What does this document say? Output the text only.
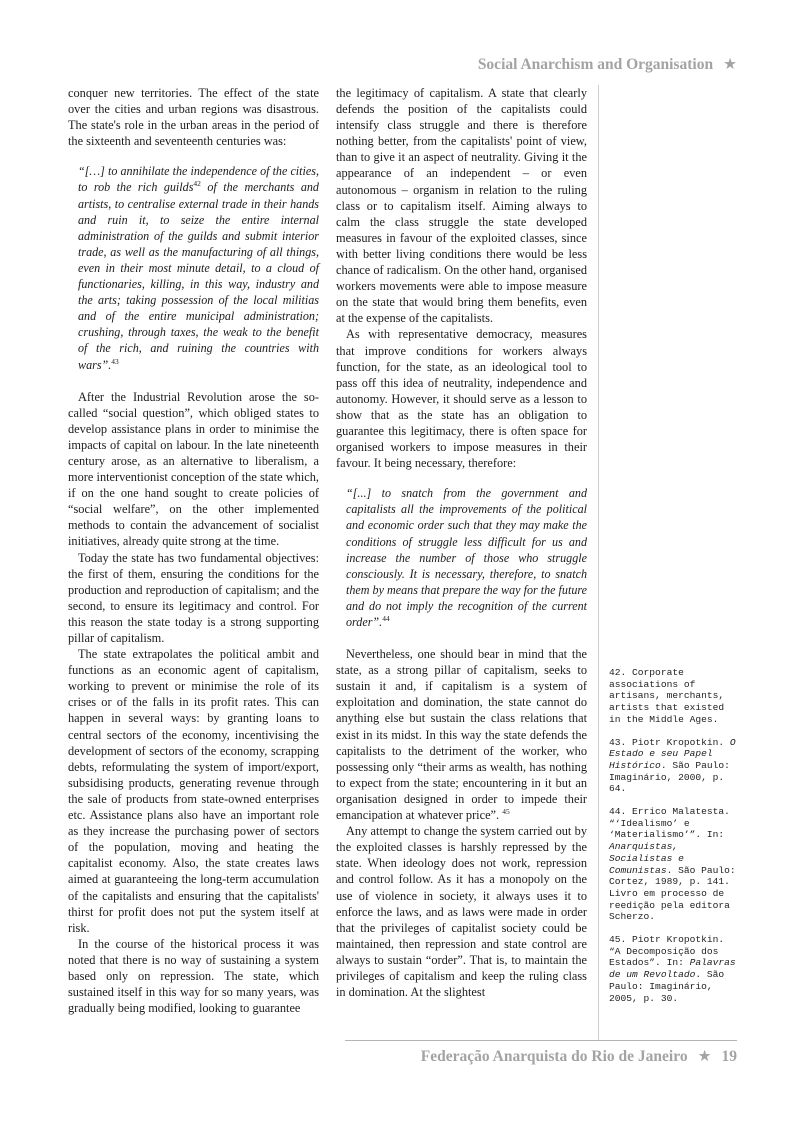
Social Anarchism and Organisation ★

conquer new territories. The effect of the state over the cities and urban regions was disastrous. The state's role in the urban areas in the period of the sixteenth and seventeenth centuries was:

“[…] to annihilate the independence of the cities, to rob the rich guilds$^{42}$ of the merchants and artists, to centralise external trade in their hands and ruin it, to seize the entire internal administration of the guilds and submit interior trade, as well as the manufacturing of all things, even in their most minute detail, to a cloud of functionaries, killing, in this way, industry and the arts; taking possession of the local militias and of the entire municipal administration; crushing, through taxes, the weak to the benefit of the rich, and ruining the countries with wars”.$^{43}$

After the Industrial Revolution arose the so-called “social question”, which obliged states to develop assistance plans in order to minimise the impacts of capital on labour. In the late nineteenth century arose, as an alternative to liberalism, a more interventionist conception of the state which, if on the one hand sought to create policies of “social welfare”, on the other implemented methods to contain the advancement of socialist initiatives, already quite strong at the time.

Today the state has two fundamental objectives: the first of them, ensuring the conditions for the production and reproduction of capitalism; and the second, to ensure its legitimacy and control. For this reason the state today is a strong supporting pillar of capitalism.

The state extrapolates the political ambit and functions as an economic agent of capitalism, working to prevent or minimise the role of its crises or of the falls in its profit rates. This can happen in several ways: by granting loans to central sectors of the economy, incentivising the development of sectors of the economy, scrapping debts, reformulating the system of import/export, subsidising products, generating revenue through the sale of products from state-owned enterprises etc. Assistance plans also have an important role as they increase the purchasing power of sectors of the population, moving and heating the capitalist economy. Also, the state creates laws aimed at guaranteeing the long-term accumulation of the capitalists and ensuring that the capitalists' thirst for profit does not put the system itself at risk.

In the course of the historical process it was noted that there is no way of sustaining a system based only on repression. The state, which sustained itself in this way for so many years, was gradually being modified, looking to guarantee

the legitimacy of capitalism. A state that clearly defends the position of the capitalists could intensify class struggle and there is therefore nothing better, from the capitalists' point of view, than to give it an aspect of neutrality. Giving it the appearance of an independent – or even autonomous – organism in relation to the ruling class or to capitalism itself. Aiming always to calm the class struggle the state developed measures in favour of the exploited classes, since with better living conditions there would be less chance of radicalism. On the other hand, organised workers movements were able to impose measure on the state that would bring them benefits, even at the expense of the capitalists.

As with representative democracy, measures that improve conditions for workers always function, for the state, as an ideological tool to pass off this idea of neutrality, independence and autonomy. However, it should serve as a lesson to show that as the state has an obligation to guarantee this legitimacy, there is often space for organised workers to impose measures in their favour. It being necessary, therefore:

“[...] to snatch from the government and capitalists all the improvements of the political and economic order such that they may make the conditions of struggle less difficult for us and increase the number of those who struggle consciously. It is necessary, therefore, to snatch them by means that prepare the way for the future and do not imply the recognition of the current order”.$^{44}$

Nevertheless, one should bear in mind that the state, as a strong pillar of capitalism, seeks to sustain it and, if capitalism is a system of exploitation and domination, the state cannot do anything else but sustain the class relations that exist in its midst. In this way the state defends the capitalists to the detriment of the worker, who possessing only “their arms as wealth, has nothing to expect from the state; encountering in it but an organisation designed in order to impede their emancipation at whatever price”. $^{45}$

Any attempt to change the system carried out by the exploited classes is harshly repressed by the state. When ideology does not work, repression and control follow. As it has a monopoly on the use of violence in society, it always uses it to enforce the laws, and as laws were made in order that the privileges of capitalist society could be maintained, then repression and state control are always to sustain “order”. That is, to maintain the privileges of capitalism and keep the ruling class in domination. At the slightest

42. Corporate associations of artisans, merchants, artists that existed in the Middle Ages.
43. Piotr Kropotkin. O Estado e seu Papel Histórico. São Paulo: Imaginário, 2000, p. 64.
44. Errico Malatesta. “‘Idealismo’ e ‘Materialismo’”. In: Anarquistas, Socialistas e Comunistas. São Paulo: Cortez, 1989, p. 141. Livro em processo de reedição pela editora Scherzo.
45. Piotr Kropotkin. “A Decomposição dos Estados”. In: Palavras de um Revoltado. São Paulo: Imaginário, 2005, p. 30.
Federação Anarquista do Rio de Janeiro ★ 19
